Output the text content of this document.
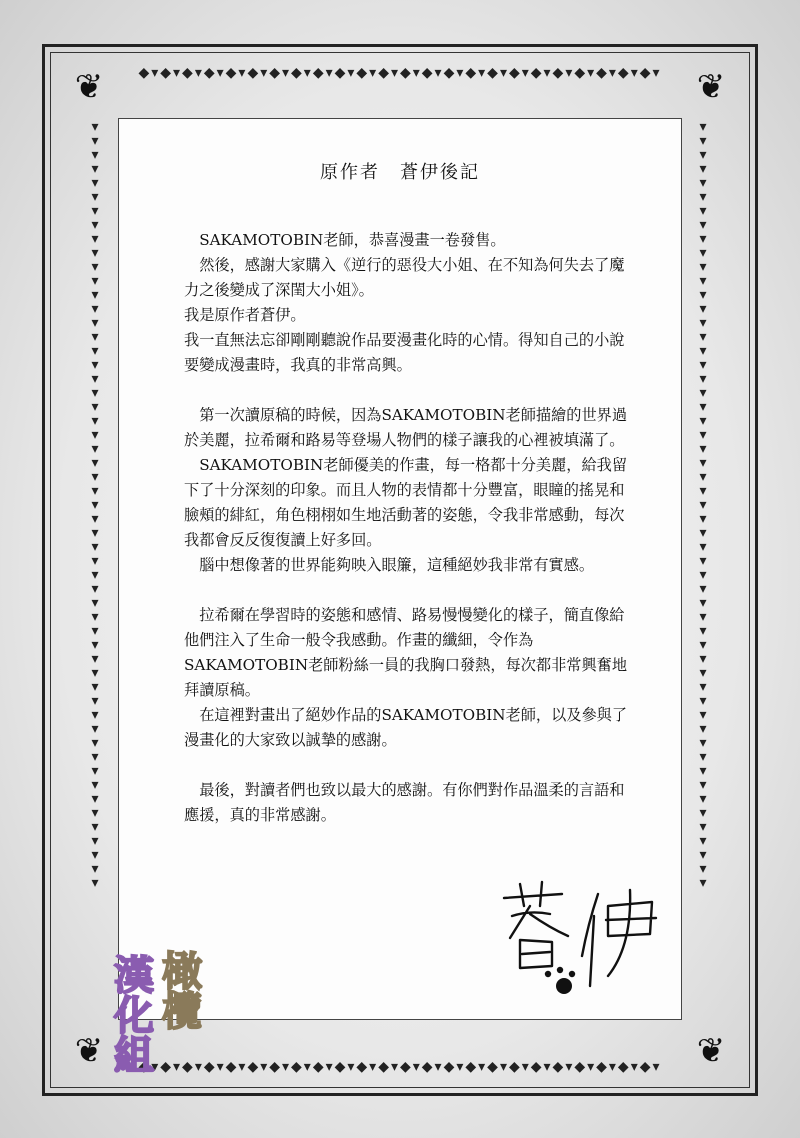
◆▾◆▾◆▾◆▾◆▾◆▾◆▾◆▾◆▾◆▾◆▾◆▾◆▾◆▾◆▾◆▾◆▾◆▾◆▾◆▾◆▾◆▾◆▾◆▾
◆▾◆▾◆▾◆▾◆▾◆▾◆▾◆▾◆▾◆▾◆▾◆▾◆▾◆▾◆▾◆▾◆▾◆▾◆▾◆▾◆▾◆▾◆▾◆▾
▾ ▾ ▾ ▾ ▾ ▾ ▾ ▾ ▾ ▾ ▾ ▾ ▾ ▾ ▾ ▾ ▾ ▾ ▾ ▾ ▾ ▾ ▾ ▾ ▾ ▾ ▾ ▾ ▾ ▾ ▾ ▾ ▾ ▾ ▾ ▾ ▾ ▾ ▾ ▾ ▾ ▾ ▾ ▾ ▾ ▾ ▾ ▾ ▾ ▾ ▾ ▾ ▾ ▾ ▾
▾ ▾ ▾ ▾ ▾ ▾ ▾ ▾ ▾ ▾ ▾ ▾ ▾ ▾ ▾ ▾ ▾ ▾ ▾ ▾ ▾ ▾ ▾ ▾ ▾ ▾ ▾ ▾ ▾ ▾ ▾ ▾ ▾ ▾ ▾ ▾ ▾ ▾ ▾ ▾ ▾ ▾ ▾ ▾ ▾ ▾ ▾ ▾ ▾ ▾ ▾ ▾ ▾ ▾ ▾
❦	❦
❦	❦
原作者　蒼伊後記

SAKAMOTOBIN老師，恭喜漫畫一卷發售。

然後，感謝大家購入《逆行的惡役大小姐、在不知為何失去了魔力之後變成了深閨大小姐》。

我是原作者蒼伊。

我一直無法忘卻剛剛聽說作品要漫畫化時的心情。得知自己的小說要變成漫畫時，我真的非常高興。

第一次讀原稿的時候，因為SAKAMOTOBIN老師描繪的世界過於美麗，拉希爾和路易等登場人物們的樣子讓我的心裡被填滿了。

SAKAMOTOBIN老師優美的作畫，每一格都十分美麗，給我留下了十分深刻的印象。而且人物的表情都十分豐富，眼瞳的搖晃和臉頰的緋紅，角色栩栩如生地活動著的姿態，令我非常感動，每次我都會反反復復讀上好多回。

腦中想像著的世界能夠映入眼簾，這種絕妙我非常有實感。

拉希爾在學習時的姿態和感情、路易慢慢變化的樣子，簡直像給他們注入了生命一般令我感動。作畫的纖細，令作為SAKAMOTOBIN老師粉絲一員的我胸口發熱，每次都非常興奮地拜讀原稿。

在這裡對畫出了絕妙作品的SAKAMOTOBIN老師，以及參與了漫畫化的大家致以誠摯的感謝。

最後，對讀者們也致以最大的感謝。有你們對作品溫柔的言語和應援，真的非常感謝。

漢
化
組
橄
欖
